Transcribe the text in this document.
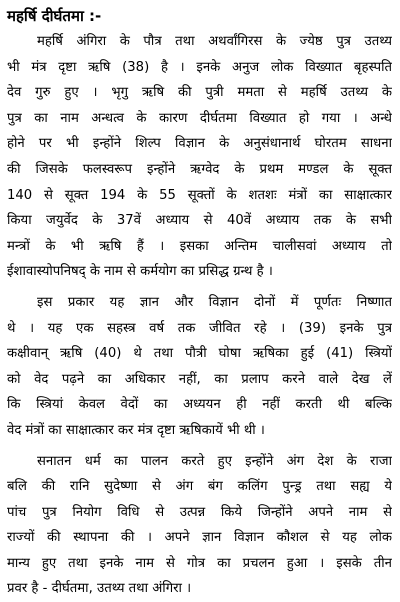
महर्षि दीर्घतमा :-
महर्षि अंगिरा के पौत्र तथा अथर्वांगिरस के ज्येष्ठ पुत्र उतथ्य
भी मंत्र दृष्टा ऋषि (38) है । इनके अनुज लोक विख्यात बृहस्पति
देव गुरु हुए । भृगु ऋषि की पुत्री ममता से महर्षि उतथ्य के
पुत्र का नाम अन्धत्व के कारण दीर्घतमा विख्यात हो गया । अन्धे
होने पर भी इन्होंने शिल्प विज्ञान के अनुसंधानार्थ घोरतम साधना
की जिसके फलस्वरूप इन्होंने ऋग्वेद के प्रथम मण्डल के सूक्त
140 से सूक्त 194 के 55 सूक्तों के शतशः मंत्रों का साक्षात्कार
किया जयुर्वेद के 37वें अध्याय से 40वें अध्याय तक के सभी
मन्त्रों के भी ऋषि हैं । इसका अन्तिम चालीसवां अध्याय तो
ईशावास्योपनिषद् के नाम से कर्मयोग का प्रसिद्ध ग्रन्थ है ।
इस प्रकार यह ज्ञान और विज्ञान दोनों में पूर्णतः निष्णात
थे । यह एक सहस्त्र वर्ष तक जीवित रहे । (39) इनके पुत्र
कक्षीवान् ऋषि (40) थे तथा पौत्री घोषा ऋषिका हुई (41) स्त्रियों
को वेद पढ़ने का अधिकार नहीं, का प्रलाप करने वाले देख लें
कि स्त्रियां केवल वेदों का अध्ययन ही नहीं करती थी बल्कि
वेद मंत्रों का साक्षात्कार कर मंत्र दृष्टा ऋषिकायें भी थी ।
सनातन धर्म का पालन करते हुए इन्होंने अंग देश के राजा
बलि की रानि सुदेष्णा से अंग बंग कलिंग पुन्ड्र तथा सह्य ये
पांच पुत्र नियोग विधि से उत्पन्न किये जिन्होंने अपने नाम से
राज्यों की स्थापना की । अपने ज्ञान विज्ञान कौशल से यह लोक
मान्य हुए तथा इनके नाम से गोत्र का प्रचलन हुआ । इसके तीन
प्रवर है - दीर्घतमा, उतथ्य तथा अंगिरा ।
